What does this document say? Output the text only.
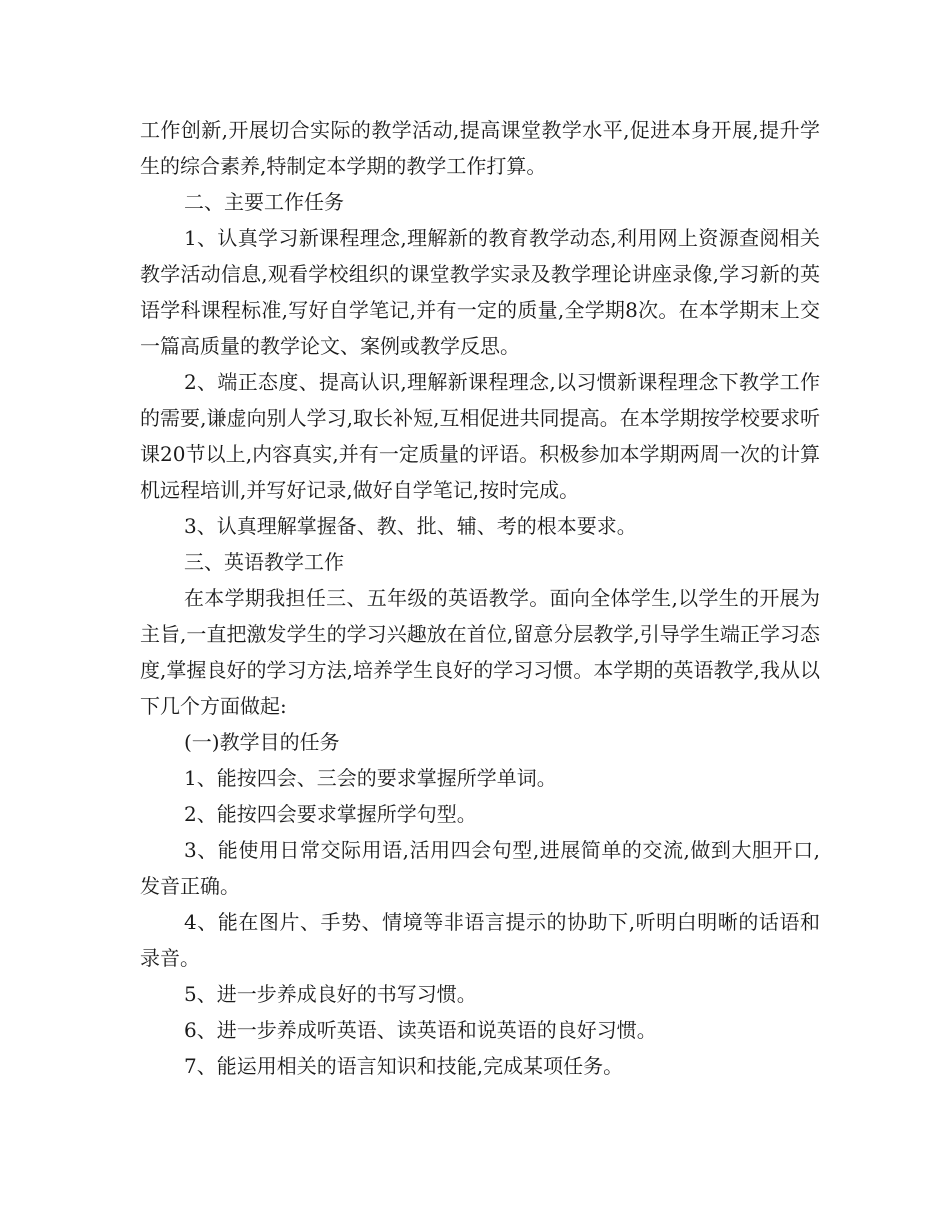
工作创新,开展切合实际的教学活动,提高课堂教学水平,促进本身开展,提升学生的综合素养,特制定本学期的教学工作打算。

二、主要工作任务

1、认真学习新课程理念,理解新的教育教学动态,利用网上资源查阅相关教学活动信息,观看学校组织的课堂教学实录及教学理论讲座录像,学习新的英语学科课程标准,写好自学笔记,并有一定的质量,全学期8次。在本学期末上交一篇高质量的教学论文、案例或教学反思。

2、端正态度、提高认识,理解新课程理念,以习惯新课程理念下教学工作的需要,谦虚向别人学习,取长补短,互相促进共同提高。在本学期按学校要求听课20节以上,内容真实,并有一定质量的评语。积极参加本学期两周一次的计算机远程培训,并写好记录,做好自学笔记,按时完成。

3、认真理解掌握备、教、批、辅、考的根本要求。

三、英语教学工作

在本学期我担任三、五年级的英语教学。面向全体学生,以学生的开展为主旨,一直把激发学生的学习兴趣放在首位,留意分层教学,引导学生端正学习态度,掌握良好的学习方法,培养学生良好的学习习惯。本学期的英语教学,我从以下几个方面做起:

(一)教学目的任务

1、能按四会、三会的要求掌握所学单词。

2、能按四会要求掌握所学句型。

3、能使用日常交际用语,活用四会句型,进展简单的交流,做到大胆开口,发音正确。

4、能在图片、手势、情境等非语言提示的协助下,听明白明晰的话语和录音。

5、进一步养成良好的书写习惯。

6、进一步养成听英语、读英语和说英语的良好习惯。

7、能运用相关的语言知识和技能,完成某项任务。
